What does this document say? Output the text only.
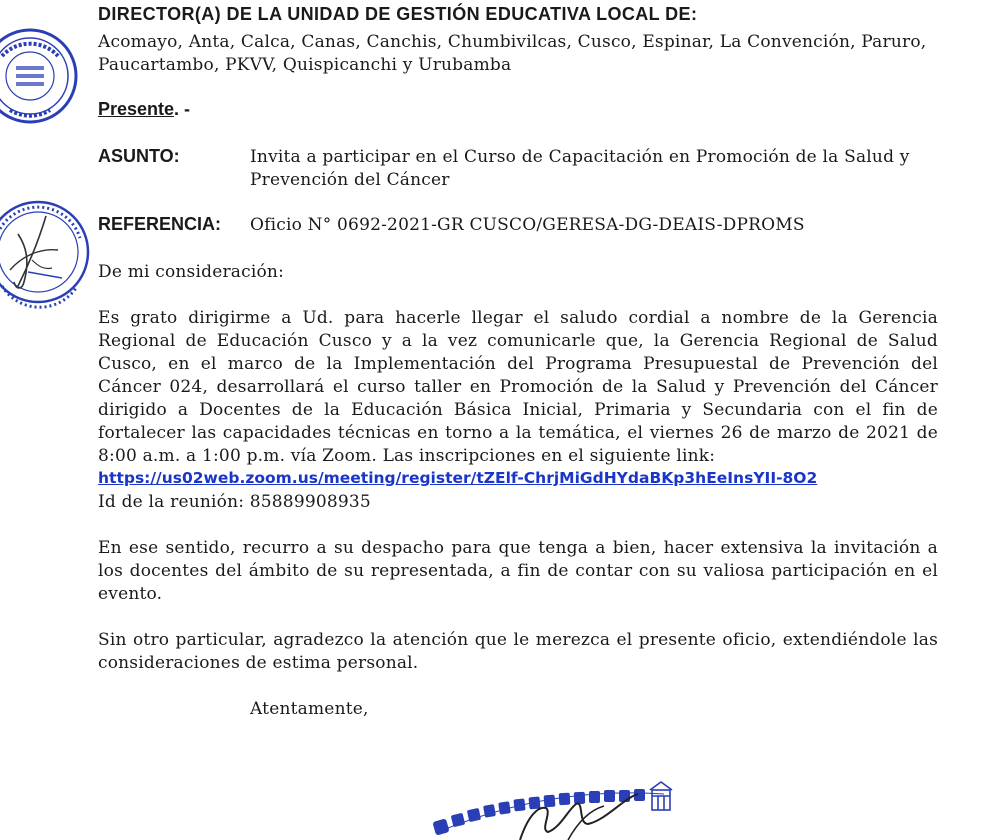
DIRECTOR(A) DE LA UNIDAD DE GESTIÓN EDUCATIVA LOCAL DE:
Acomayo, Anta, Calca, Canas, Canchis, Chumbivilcas, Cusco, Espinar, La Convención, Paruro, Paucartambo, PKVV, Quispicanchi y Urubamba
Presente. -
ASUNTO:	Invita a participar en el Curso de Capacitación en Promoción de la Salud y Prevención del Cáncer
REFERENCIA: Oficio N° 0692-2021-GR CUSCO/GERESA-DG-DEAIS-DPROMS
De mi consideración:
Es grato dirigirme a Ud. para hacerle llegar el saludo cordial a nombre de la Gerencia Regional de Educación Cusco y a la vez comunicarle que, la Gerencia Regional de Salud Cusco, en el marco de la Implementación del Programa Presupuestal de Prevención del Cáncer 024, desarrollará el curso taller en Promoción de la Salud y Prevención del Cáncer dirigido a Docentes de la Educación Básica Inicial, Primaria y Secundaria con el fin de fortalecer las capacidades técnicas en torno a la temática, el viernes 26 de marzo de 2021 de 8:00 a.m. a 1:00 p.m. vía Zoom. Las inscripciones en el siguiente link:
https://us02web.zoom.us/meeting/register/tZElf-ChrjMiGdHYdaBKp3hEeInsYII-8O2
Id de la reunión: 85889908935
En ese sentido, recurro a su despacho para que tenga a bien, hacer extensiva la invitación a los docentes del ámbito de su representada, a fin de contar con su valiosa participación en el evento.
Sin otro particular, agradezco la atención que le merezca el presente oficio, extendiéndole las consideraciones de estima personal.
Atentamente,
